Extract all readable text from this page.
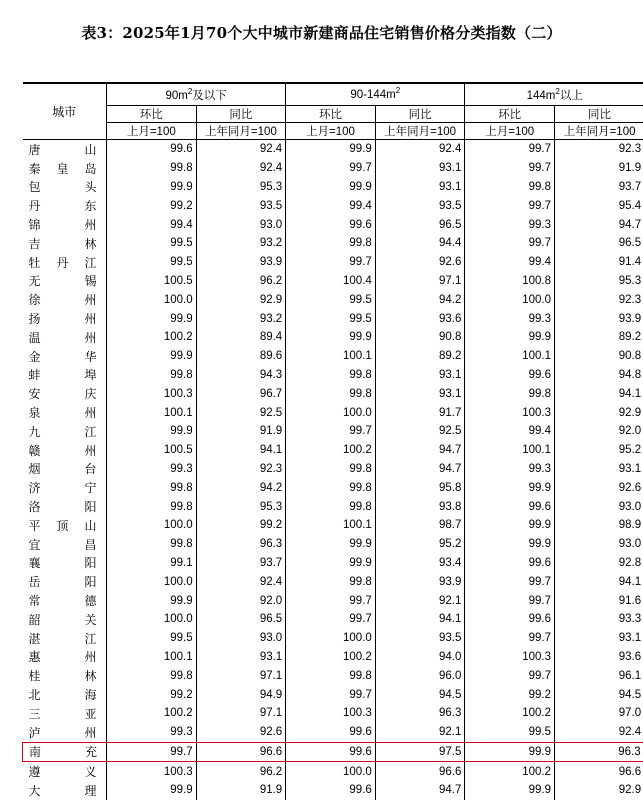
表3：2025年1月70个大中城市新建商品住宅销售价格分类指数（二）
城市	$90m^2$及以下		$90-144m^2$		$144m^2$以上	
	环比	同比	环比	同比	环比	同比
	上月=100	上年同月=100	上月=100	上年同月=100	上月=100	上年同月=100

唐 山	99.6	92.4	99.9	92.4	99.7	92.3

秦 皇 岛	99.8	92.4	99.7	93.1	99.7	91.9

包 头	99.9	95.3	99.9	93.1	99.8	93.7

丹 东	99.2	93.5	99.4	93.5	99.7	95.4

锦 州	99.4	93.0	99.6	96.5	99.3	94.7

吉 林	99.5	93.2	99.8	94.4	99.7	96.5

牡 丹 江	99.5	93.9	99.7	92.6	99.4	91.4

无 锡	100.5	96.2	100.4	97.1	100.8	95.3

徐 州	100.0	92.9	99.5	94.2	100.0	92.3

扬 州	99.9	93.2	99.5	93.6	99.3	93.9

温 州	100.2	89.4	99.9	90.8	99.9	89.2

金 华	99.9	89.6	100.1	89.2	100.1	90.8

蚌 埠	99.8	94.3	99.8	93.1	99.6	94.8

安 庆	100.3	96.7	99.8	93.1	99.8	94.1

泉 州	100.1	92.5	100.0	91.7	100.3	92.9

九 江	99.9	91.9	99.7	92.5	99.4	92.0

赣 州	100.5	94.1	100.2	94.7	100.1	95.2

烟 台	99.3	92.3	99.8	94.7	99.3	93.1

济 宁	99.8	94.2	99.8	95.8	99.9	92.6

洛 阳	99.8	95.3	99.8	93.8	99.6	93.0

平 顶 山	100.0	99.2	100.1	98.7	99.9	98.9

宜 昌	99.8	96.3	99.9	95.2	99.9	93.0

襄 阳	99.1	93.7	99.9	93.4	99.6	92.8

岳 阳	100.0	92.4	99.8	93.9	99.7	94.1

常 德	99.9	92.0	99.7	92.1	99.7	91.6

韶 关	100.0	96.5	99.7	94.1	99.6	93.3

湛 江	99.5	93.0	100.0	93.5	99.7	93.1

惠 州	100.1	93.1	100.2	94.0	100.3	93.6

桂 林	99.8	97.1	99.8	96.0	99.7	96.1

北 海	99.2	94.9	99.7	94.5	99.2	94.5

三 亚	100.2	97.1	100.3	96.3	100.2	97.0

泸 州	99.3	92.6	99.6	92.1	99.5	92.4

南 充	99.7	96.6	99.6	97.5	99.9	96.3

遵 义	100.3	96.2	100.0	96.6	100.2	96.6

大 理	99.9	91.9	99.6	94.7	99.9	92.9
